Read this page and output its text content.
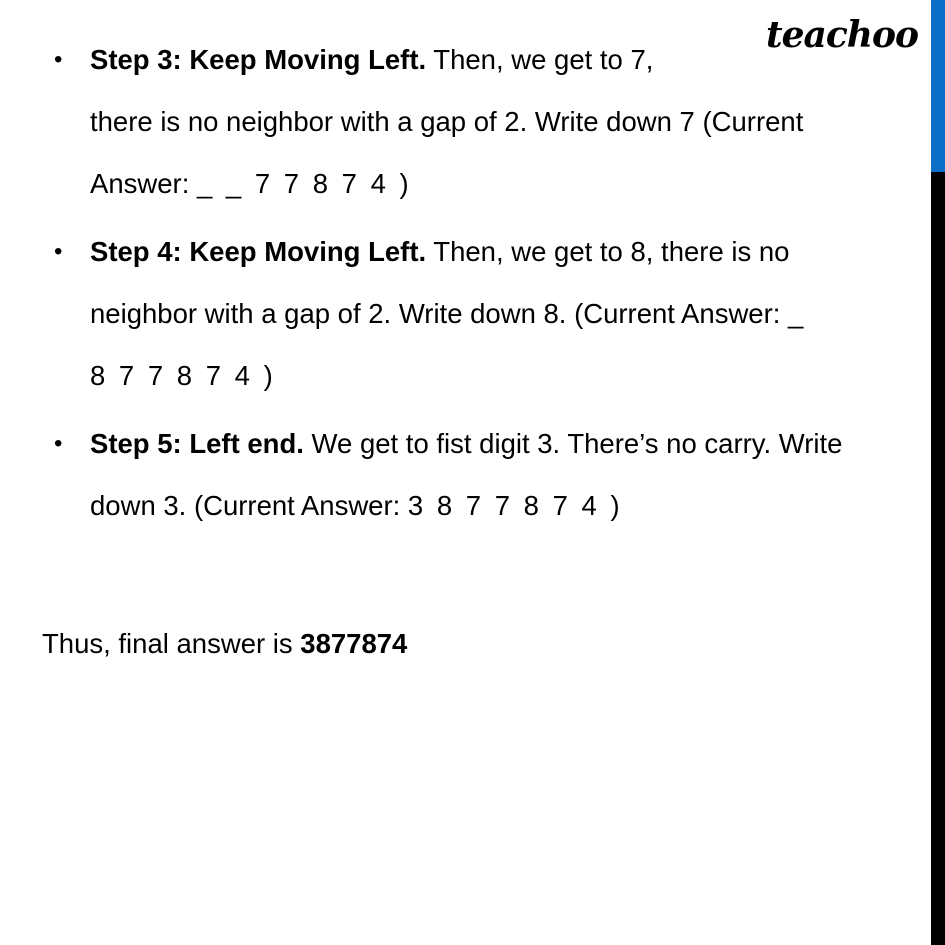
teachoo
• Step 3: Keep Moving Left. Then, we get to 7,
there is no neighbor with a gap of 2. Write down 7 (Current
Answer: _ _ 7 7 8 7 4 )
• Step 4: Keep Moving Left. Then, we get to 8, there is no
neighbor with a gap of 2. Write down 8. (Current Answer: _
8 7 7 8 7 4 )
• Step 5: Left end. We get to fist digit 3. There’s no carry. Write
down 3. (Current Answer: 3 8 7 7 8 7 4 )
Thus, final answer is 3877874
